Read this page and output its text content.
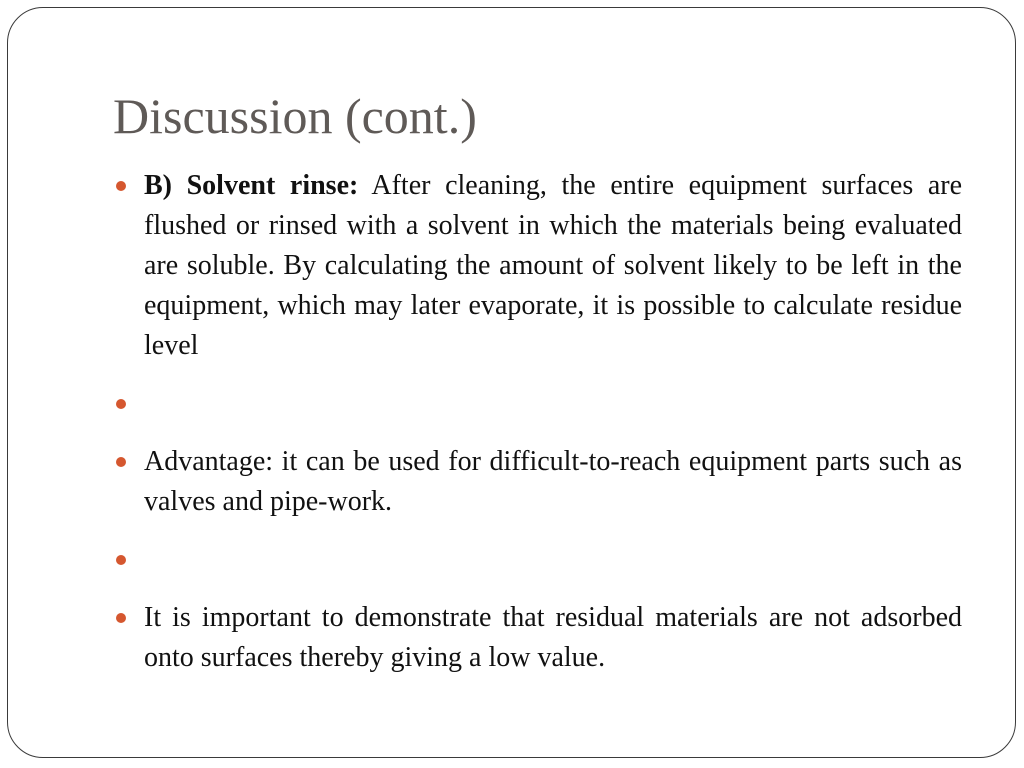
Discussion (cont.)
B) Solvent rinse: After cleaning, the entire equipment surfaces are flushed or rinsed with a solvent in which the materials being evaluated are soluble. By calculating the amount of solvent likely to be left in the equipment, which may later evaporate, it is possible to calculate residue level
Advantage: it can be used for difficult-to-reach equipment parts such as valves and pipe-work.
It is important to demonstrate that residual materials are not adsorbed onto surfaces thereby giving a low value.
